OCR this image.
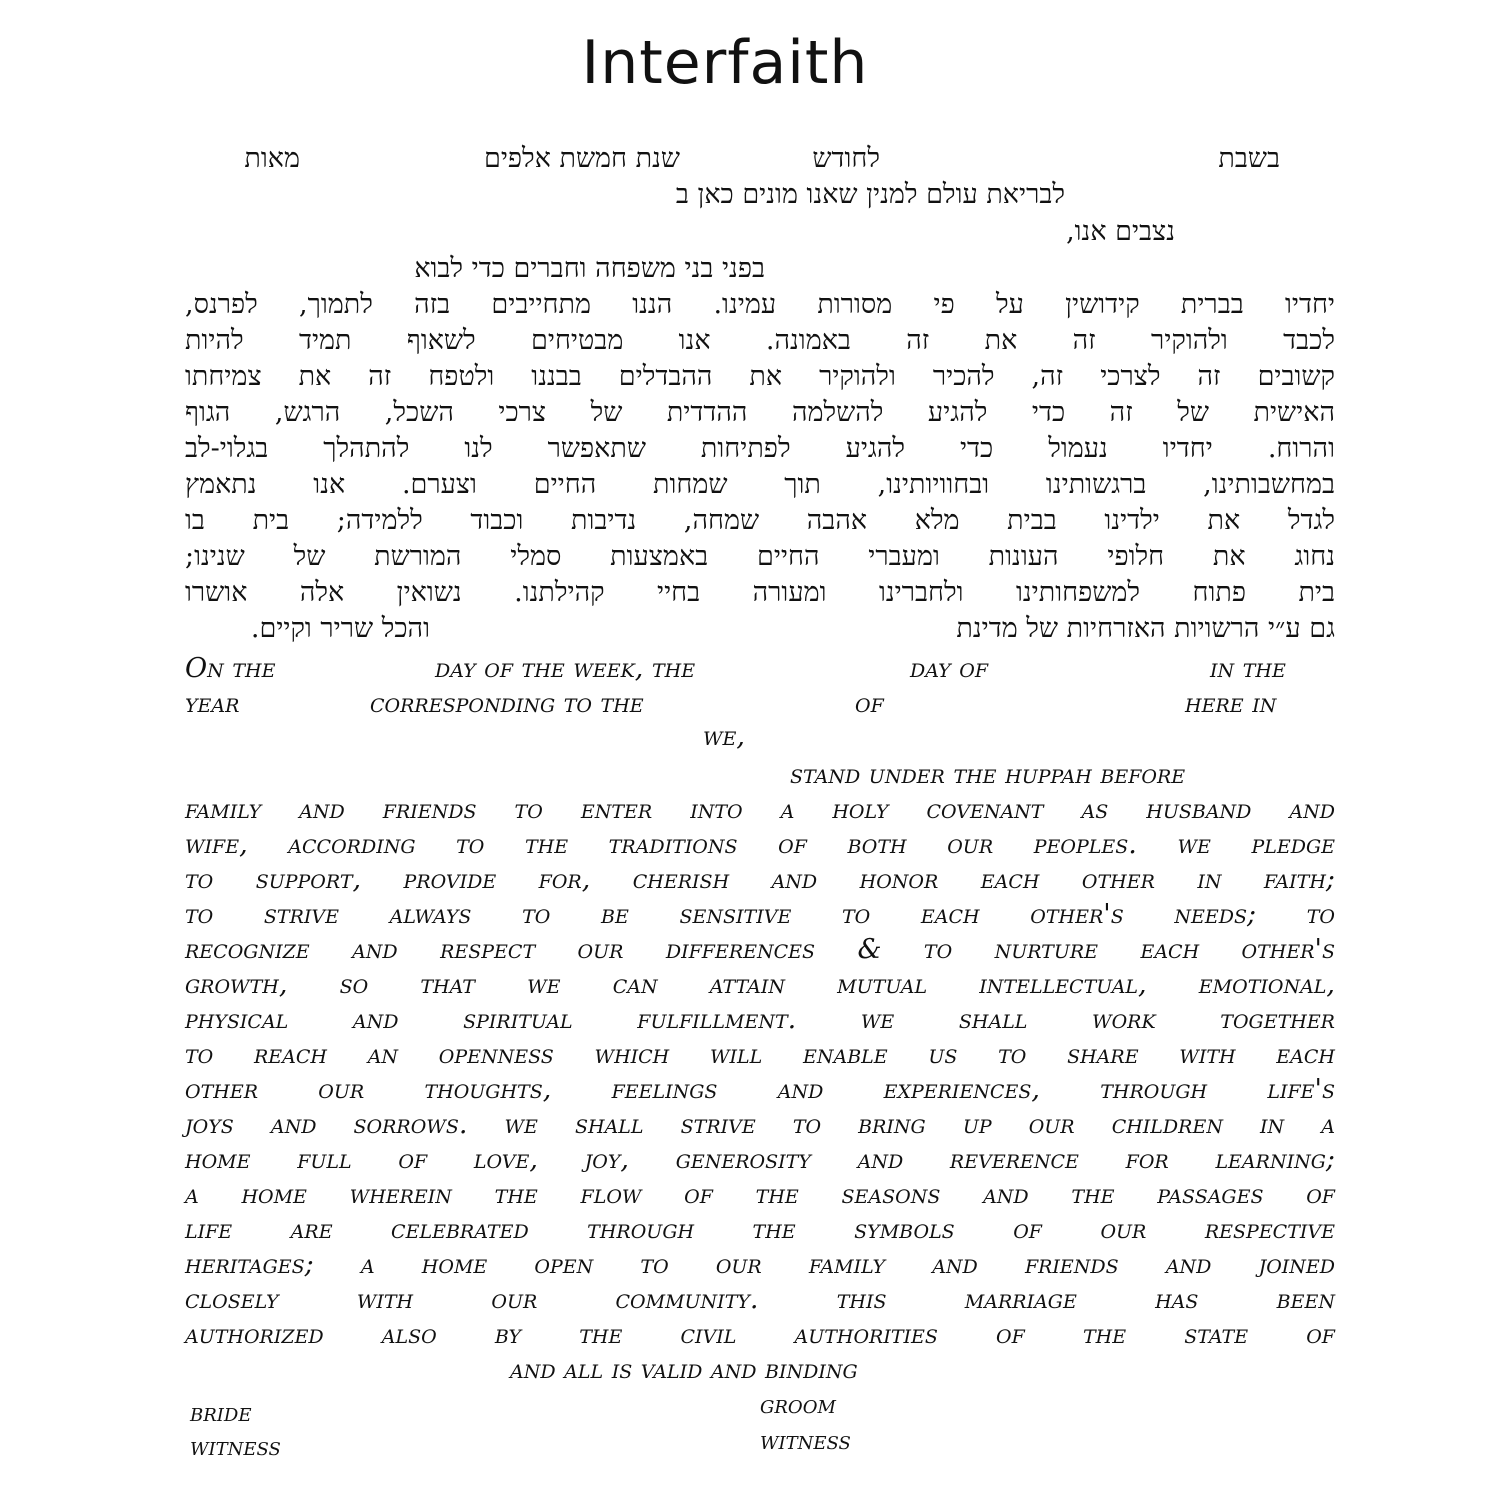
Interfaith
בשבת
לחודש
שנת חמשת אלפים
מאות
לבריאת עולם למנין שאנו מונים כאן ב
נצבים אנו,
בפני בני משפחה וחברים כדי לבוא
יחדיו בברית קידושין על פי מסורות עמינו. הננו מתחייבים בזה לתמוך, לפרנס,
לכבד ולהוקיר זה את זה באמונה. אנו מבטיחים לשאוף תמיד להיות
קשובים זה לצרכי זה, להכיר ולהוקיר את ההבדלים בבננו ולטפח זה את צמיחתו
האישית של זה כדי להגיע להשלמה ההדדית של צרכי השכל, הרגש, הגוף
והרוח. יחדיו נעמול כדי להגיע לפתיחות שתאפשר לנו להתהלך בגלוי-לב
במחשבותינו, ברגשותינו ובחוויותינו, תוך שמחות החיים וצערם. אנו נתאמץ
לגדל את ילדינו בבית מלא אהבה שמחה, נדיבות וכבוד ללמידה; בית בו
נחוג את חלופי העונות ומעברי החיים באמצעות סמלי המורשת של שנינו;
בית פתוח למשפחותינו ולחברינו ומעורה בחיי קהילתנו. נשואין אלה אושרו
גם ע״י הרשויות האזרחיות של מדינת
והכל שריר וקיים.
On the	day of the week, the	day of	in the
year	corresponding to the	of	here in
we,
stand under the huppah before
family and friends to enter into a holy covenant as husband and
wife, according to the traditions of both our peoples. we pledge
to support, provide for, cherish and honor each other in faith;
to strive always to be sensitive to each other's needs; to
recognize and respect our differences & to nurture each other's
growth, so that we can attain mutual intellectual, emotional,
physical and spiritual fulfillment. we shall work together
to reach an openness which will enable us to share with each
other our thoughts, feelings and experiences, through life's
joys and sorrows. we shall strive to bring up our children in a
home full of love, joy, generosity and reverence for learning;
a home wherein the flow of the seasons and the passages of
life are celebrated through the symbols of our respective
heritages; a home open to our family and friends and joined
closely with our community. this marriage has been
authorized also by the civil authorities of the state of
and all is valid and binding
bride
witness
groom
witness
